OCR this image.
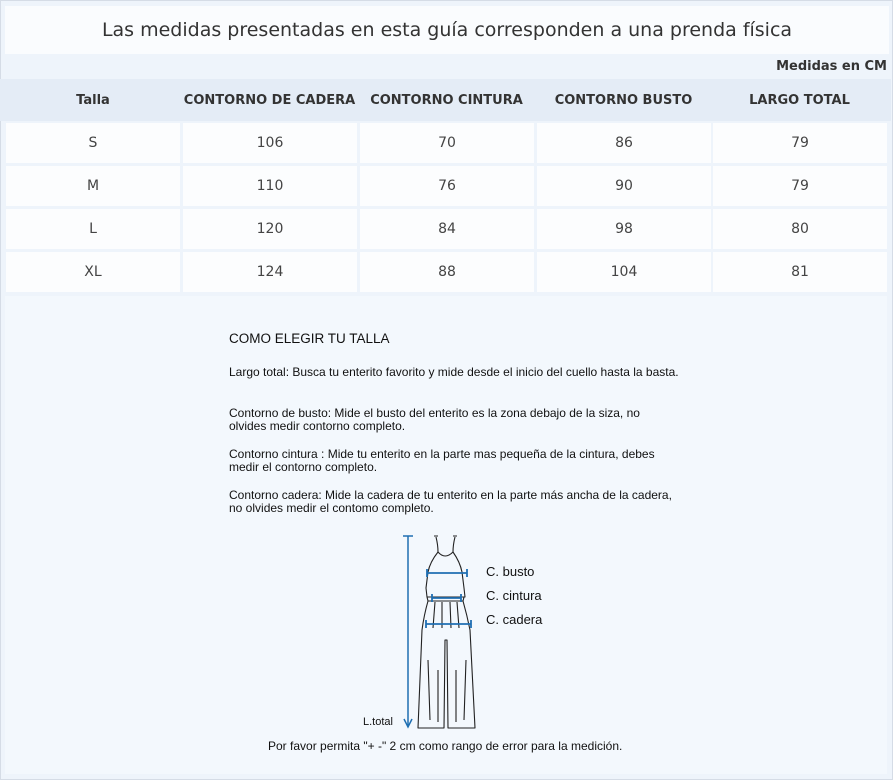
Las medidas presentadas en esta guía corresponden a una prenda física
Medidas en CM
Talla	CONTORNO DE CADERA	CONTORNO CINTURA	CONTORNO BUSTO	LARGO TOTAL
S	106	70	86	79
M	110	76	90	79
L	120	84	98	80
XL	124	88	104	81
COMO ELEGIR TU TALLA
Largo total: Busca tu enterito favorito y mide desde el inicio del cuello hasta la basta.
Contorno de busto: Mide el busto del enterito es la zona debajo de la siza, no olvides medir contorno completo.
Contorno cintura : Mide tu enterito en la parte mas pequeña de la cintura, debes medir el contorno completo.
Contorno cadera: Mide la cadera de tu enterito en la parte más ancha de la cadera, no olvides medir el contomo completo.
C. busto
C. cintura
C. cadera
L.total
Por favor permita "+ -" 2 cm como rango de error para la medición.
